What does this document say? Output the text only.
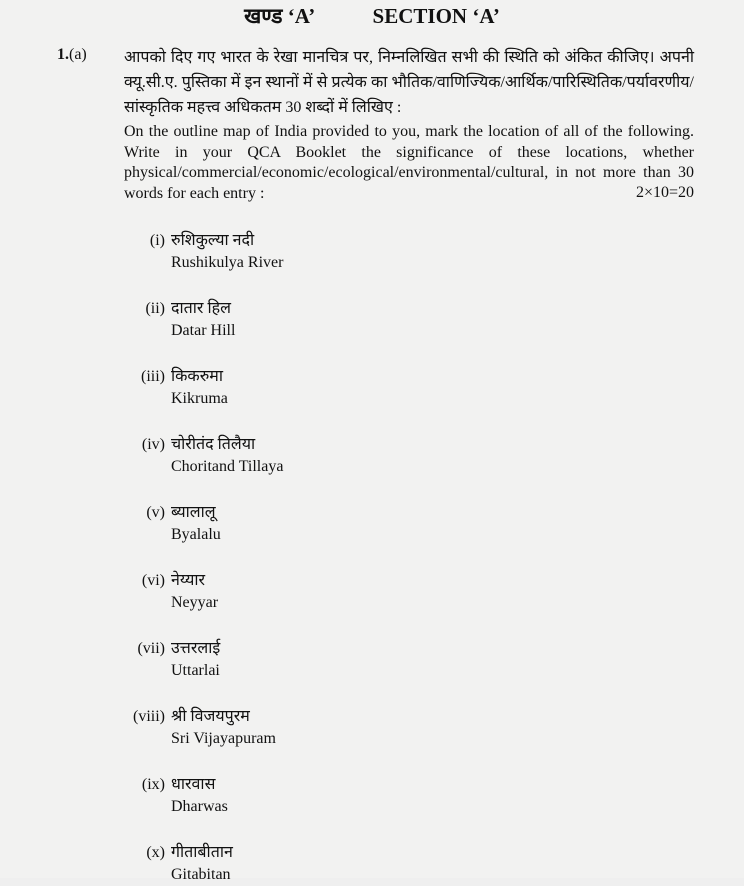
खण्ड ‘A’	SECTION ‘A’
1.(a) आपको दिए गए भारत के रेखा मानचित्र पर, निम्नलिखित सभी की स्थिति को अंकित कीजिए। अपनी क्यू.सी.ए. पुस्तिका में इन स्थानों में से प्रत्येक का भौतिक/वाणिज्यिक/आर्थिक/पारिस्थितिक/पर्यावरणीय/सांस्कृतिक महत्त्व अधिकतम 30 शब्दों में लिखिए :
On the outline map of India provided to you, mark the location of all of the following. Write in your QCA Booklet the significance of these locations, whether physical/commercial/economic/ecological/environmental/cultural, in not more than 30 words for each entry :	2×10=20
(i) रुशिकुल्या नदी
Rushikulya River
(ii) दातार हिल
Datar Hill
(iii) किकरुमा
Kikruma
(iv) चोरीतंद तिलैया
Choritand Tillaya
(v) ब्यालालू
Byalalu
(vi) नेय्यार
Neyyar
(vii) उत्तरलाई
Uttarlai
(viii) श्री विजयपुरम
Sri Vijayapuram
(ix) धारवास
Dharwas
(x) गीताबीतान
Gitabitan
